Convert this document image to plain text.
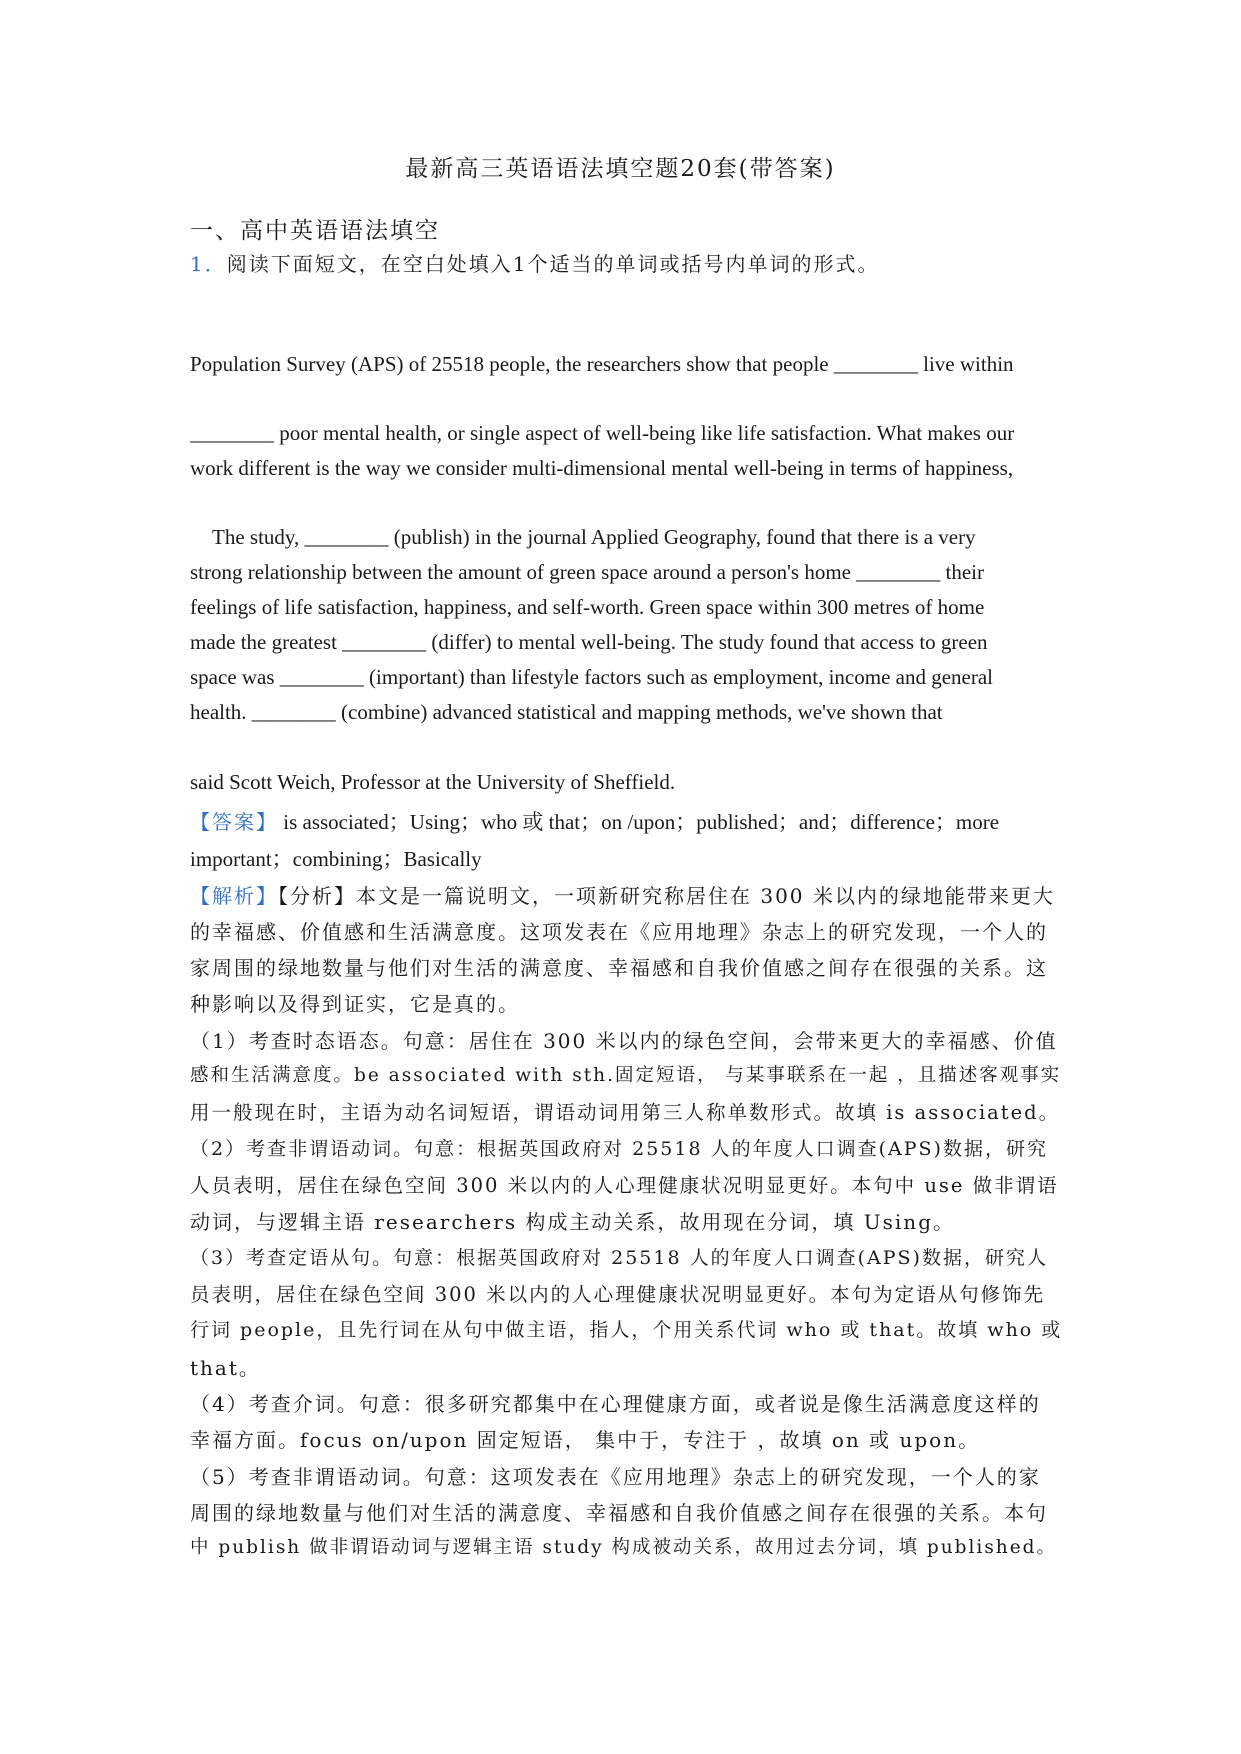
最新高三英语语法填空题20套(带答案)
一、高中英语语法填空
1．阅读下面短文，在空白处填入1个适当的单词或括号内单词的形式。
Population Survey (APS) of 25518 people, the researchers show that people ________ live within
________ poor mental health, or single aspect of well-being like life satisfaction. What makes our
work different is the way we consider multi-dimensional mental well-being in terms of happiness,
The study, ________ (publish) in the journal Applied Geography, found that there is a very
strong relationship between the amount of green space around a person's home ________ their
feelings of life satisfaction, happiness, and self-worth. Green space within 300 metres of home
made the greatest ________ (differ) to mental well-being. The study found that access to green
space was ________ (important) than lifestyle factors such as employment, income and general
health. ________ (combine) advanced statistical and mapping methods, we've shown that
said Scott Weich, Professor at the University of Sheffield.
【答案】 is associated；Using；who 或 that；on /upon；published；and；difference；more
important；combining；Basically
【解析】【分析】本文是一篇说明文，一项新研究称居住在 300 米以内的绿地能带来更大
的幸福感、价值感和生活满意度。这项发表在《应用地理》杂志上的研究发现，一个人的
家周围的绿地数量与他们对生活的满意度、幸福感和自我价值感之间存在很强的关系。这
种影响以及得到证实，它是真的。
（1）考查时态语态。句意：居住在 300 米以内的绿色空间，会带来更大的幸福感、价值
感和生活满意度。be associated with sth.固定短语， 与某事联系在一起 ，且描述客观事实
用一般现在时，主语为动名词短语，谓语动词用第三人称单数形式。故填 is associated。
（2）考查非谓语动词。句意：根据英国政府对 25518 人的年度人口调查(APS)数据，研究
人员表明，居住在绿色空间 300 米以内的人心理健康状况明显更好。本句中 use 做非谓语
动词，与逻辑主语 researchers 构成主动关系，故用现在分词，填 Using。
（3）考查定语从句。句意：根据英国政府对 25518 人的年度人口调查(APS)数据，研究人
员表明，居住在绿色空间 300 米以内的人心理健康状况明显更好。本句为定语从句修饰先
行词 people，且先行词在从句中做主语，指人，个用关系代词 who 或 that。故填 who 或
that。
（4）考查介词。句意：很多研究都集中在心理健康方面，或者说是像生活满意度这样的
幸福方面。focus on/upon 固定短语， 集中于，专注于 ，故填 on 或 upon。
（5）考查非谓语动词。句意：这项发表在《应用地理》杂志上的研究发现，一个人的家
周围的绿地数量与他们对生活的满意度、幸福感和自我价值感之间存在很强的关系。本句
中 publish 做非谓语动词与逻辑主语 study 构成被动关系，故用过去分词，填 published。
